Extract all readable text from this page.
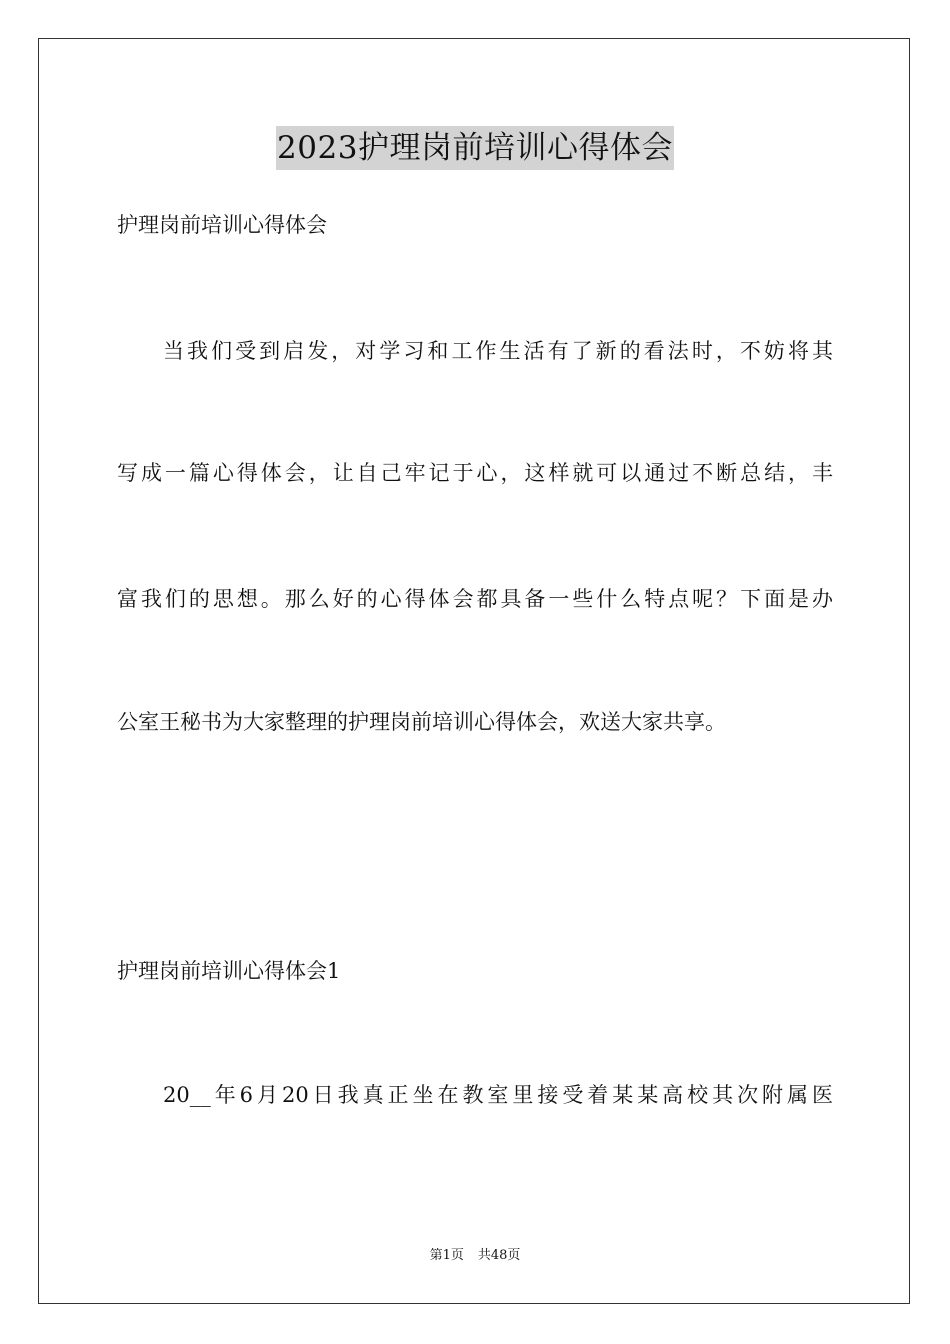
2023护理岗前培训心得体会
护理岗前培训心得体会
当我们受到启发，对学习和工作生活有了新的看法时，不妨将其
写成一篇心得体会，让自己牢记于心，这样就可以通过不断总结，丰
富我们的思想。那么好的心得体会都具备一些什么特点呢？下面是办
公室王秘书为大家整理的护理岗前培训心得体会，欢送大家共享。
护理岗前培训心得体会1
20__年6月20日我真正坐在教室里接受着某某高校其次附属医
第1页 共48页
